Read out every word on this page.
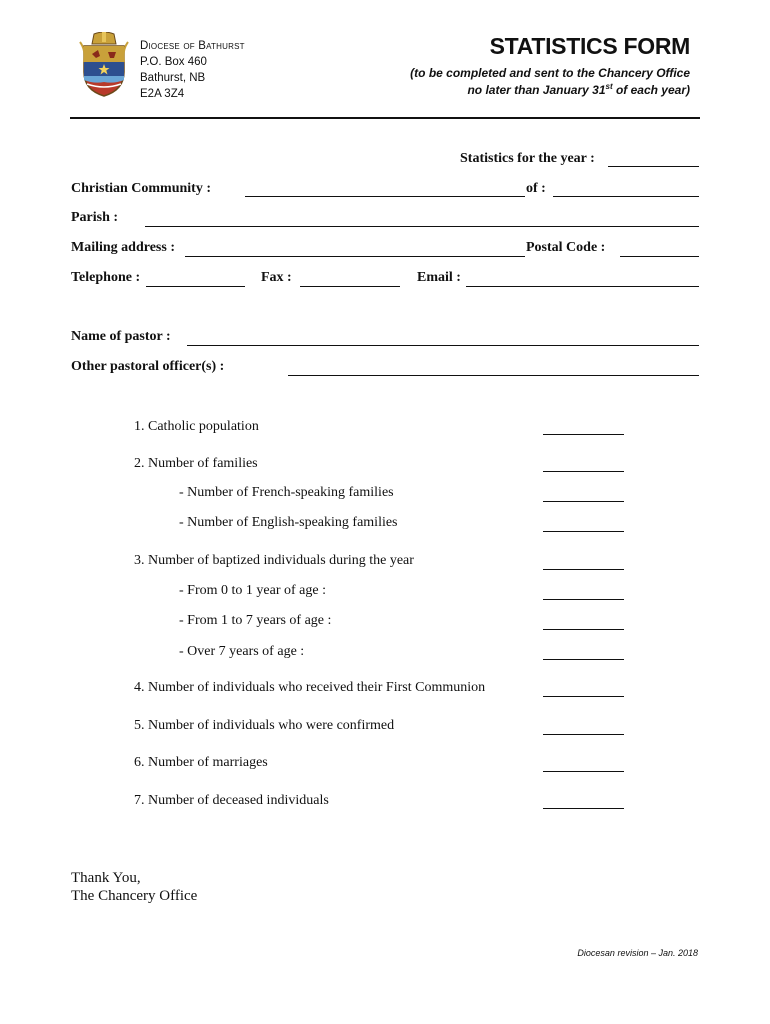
Diocese of Bathurst
P.O. Box 460
Bathurst, NB
E2A 3Z4
STATISTICS FORM
(to be completed and sent to the Chancery Office
no later than January 31st of each year)
Statistics for the year :
Christian Community :	of :
Parish :
Mailing address :	Postal Code :
Telephone :	Fax :	Email :
Name of pastor :
Other pastoral officer(s) :
1. Catholic population
2. Number of families
- Number of French-speaking families
- Number of English-speaking families
3. Number of baptized individuals during the year
- From 0 to 1 year of age :
- From 1 to 7 years of age :
- Over 7 years of age :
4. Number of individuals who received their First Communion
5. Number of individuals who were confirmed
6. Number of marriages
7. Number of deceased individuals
Thank You,
The Chancery Office
Diocesan revision – Jan. 2018
